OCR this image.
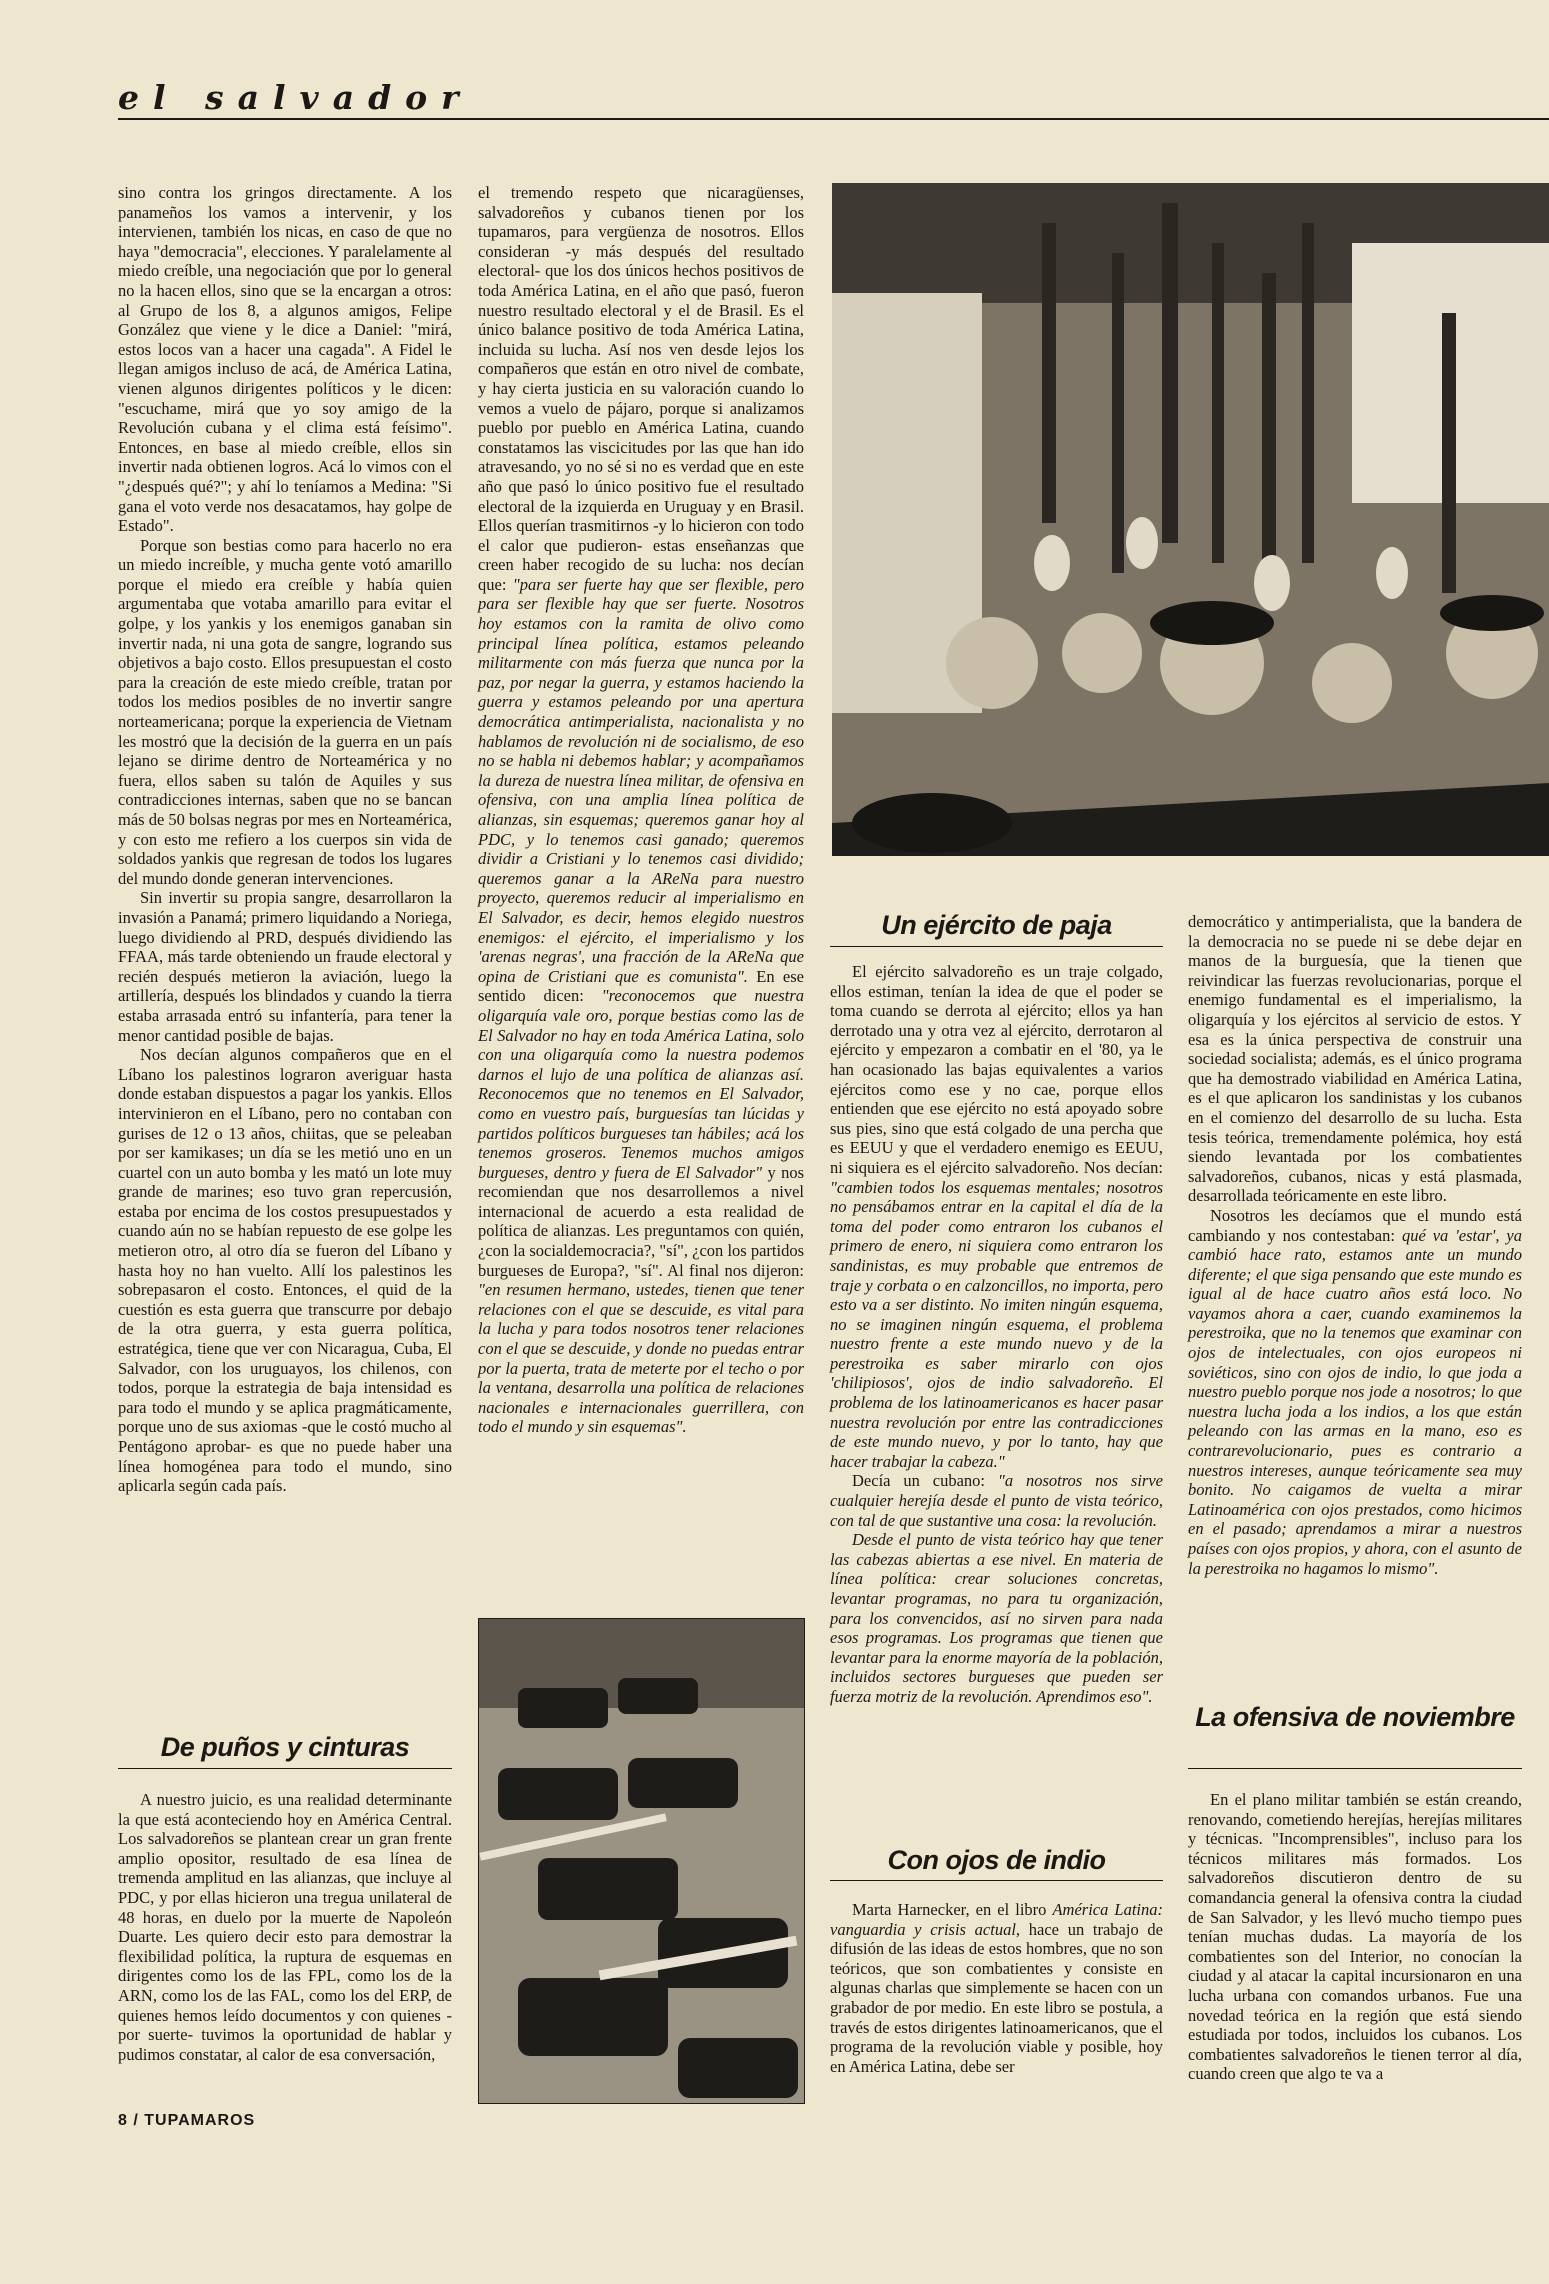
el salvador

sino contra los gringos directamente. A los panameños los vamos a intervenir, y los intervienen, también los nicas, en caso de que no haya "democracia", elecciones. Y paralelamente al miedo creíble, una negociación que por lo general no la hacen ellos, sino que se la encargan a otros: al Grupo de los 8, a algunos amigos, Felipe González que viene y le dice a Daniel: "mirá, estos locos van a hacer una cagada". A Fidel le llegan amigos incluso de acá, de América Latina, vienen algunos dirigentes políticos y le dicen: "escuchame, mirá que yo soy amigo de la Revolución cubana y el clima está feísimo". Entonces, en base al miedo creíble, ellos sin invertir nada obtienen logros. Acá lo vimos con el "¿después qué?"; y ahí lo teníamos a Medina: "Si gana el voto verde nos desacatamos, hay golpe de Estado".

Porque son bestias como para hacerlo no era un miedo increíble, y mucha gente votó amarillo porque el miedo era creíble y había quien argumentaba que votaba amarillo para evitar el golpe, y los yankis y los enemigos ganaban sin invertir nada, ni una gota de sangre, logrando sus objetivos a bajo costo. Ellos presupuestan el costo para la creación de este miedo creíble, tratan por todos los medios posibles de no invertir sangre norteamericana; porque la experiencia de Vietnam les mostró que la decisión de la guerra en un país lejano se dirime dentro de Norteamérica y no fuera, ellos saben su talón de Aquiles y sus contradicciones internas, saben que no se bancan más de 50 bolsas negras por mes en Norteamérica, y con esto me refiero a los cuerpos sin vida de soldados yankis que regresan de todos los lugares del mundo donde generan intervenciones.

Sin invertir su propia sangre, desarrollaron la invasión a Panamá; primero liquidando a Noriega, luego dividiendo al PRD, después dividiendo las FFAA, más tarde obteniendo un fraude electoral y recién después metieron la aviación, luego la artillería, después los blindados y cuando la tierra estaba arrasada entró su infantería, para tener la menor cantidad posible de bajas.

Nos decían algunos compañeros que en el Líbano los palestinos lograron averiguar hasta donde estaban dispuestos a pagar los yankis. Ellos intervinieron en el Líbano, pero no contaban con gurises de 12 o 13 años, chiitas, que se peleaban por ser kamikases; un día se les metió uno en un cuartel con un auto bomba y les mató un lote muy grande de marines; eso tuvo gran repercusión, estaba por encima de los costos presupuestados y cuando aún no se habían repuesto de ese golpe les metieron otro, al otro día se fueron del Líbano y hasta hoy no han vuelto. Allí los palestinos les sobrepasaron el costo. Entonces, el quid de la cuestión es esta guerra que transcurre por debajo de la otra guerra, y esta guerra política, estratégica, tiene que ver con Nicaragua, Cuba, El Salvador, con los uruguayos, los chilenos, con todos, porque la estrategia de baja intensidad es para todo el mundo y se aplica pragmáticamente, porque uno de sus axiomas -que le costó mucho al Pentágono aprobar- es que no puede haber una línea homogénea para todo el mundo, sino aplicarla según cada país.

De puños y cinturas

A nuestro juicio, es una realidad determinante la que está aconteciendo hoy en América Central. Los salvadoreños se plantean crear un gran frente amplio opositor, resultado de esa línea de tremenda amplitud en las alianzas, que incluye al PDC, y por ellas hicieron una tregua unilateral de 48 horas, en duelo por la muerte de Napoleón Duarte. Les quiero decir esto para demostrar la flexibilidad política, la ruptura de esquemas en dirigentes como los de las FPL, como los de la ARN, como los de las FAL, como los del ERP, de quienes hemos leído documentos y con quienes -por suerte- tuvimos la oportunidad de hablar y pudimos constatar, al calor de esa conversación,

el tremendo respeto que nicaragüenses, salvadoreños y cubanos tienen por los tupamaros, para vergüenza de nosotros. Ellos consideran -y más después del resultado electoral- que los dos únicos hechos positivos de toda América Latina, en el año que pasó, fueron nuestro resultado electoral y el de Brasil. Es el único balance positivo de toda América Latina, incluida su lucha. Así nos ven desde lejos los compañeros que están en otro nivel de combate, y hay cierta justicia en su valoración cuando lo vemos a vuelo de pájaro, porque si analizamos pueblo por pueblo en América Latina, cuando constatamos las viscicitudes por las que han ido atravesando, yo no sé si no es verdad que en este año que pasó lo único positivo fue el resultado electoral de la izquierda en Uruguay y en Brasil. Ellos querían trasmitirnos -y lo hicieron con todo el calor que pudieron- estas enseñanzas que creen haber recogido de su lucha: nos decían que: "para ser fuerte hay que ser flexible, pero para ser flexible hay que ser fuerte. Nosotros hoy estamos con la ramita de olivo como principal línea política, estamos peleando militarmente con más fuerza que nunca por la paz, por negar la guerra, y estamos haciendo la guerra y estamos peleando por una apertura democrática antimperialista, nacionalista y no hablamos de revolución ni de socialismo, de eso no se habla ni debemos hablar; y acompañamos la dureza de nuestra línea militar, de ofensiva en ofensiva, con una amplia línea política de alianzas, sin esquemas; queremos ganar hoy al PDC, y lo tenemos casi ganado; queremos dividir a Cristiani y lo tenemos casi dividido; queremos ganar a la AReNa para nuestro proyecto, queremos reducir al imperialismo en El Salvador, es decir, hemos elegido nuestros enemigos: el ejército, el imperialismo y los 'arenas negras', una fracción de la AReNa que opina de Cristiani que es comunista". En ese sentido dicen: "reconocemos que nuestra oligarquía vale oro, porque bestias como las de El Salvador no hay en toda América Latina, solo con una oligarquía como la nuestra podemos darnos el lujo de una política de alianzas así. Reconocemos que no tenemos en El Salvador, como en vuestro país, burguesías tan lúcidas y partidos políticos burgueses tan hábiles; acá los tenemos groseros. Tenemos muchos amigos burgueses, dentro y fuera de El Salvador" y nos recomiendan que nos desarrollemos a nivel internacional de acuerdo a esta realidad de política de alianzas. Les preguntamos con quién, ¿con la socialdemocracia?, "sí", ¿con los partidos burgueses de Europa?, "sí". Al final nos dijeron: "en resumen hermano, ustedes, tienen que tener relaciones con el que se descuide, es vital para la lucha y para todos nosotros tener relaciones con el que se descuide, y donde no puedas entrar por la puerta, trata de meterte por el techo o por la ventana, desarrolla una política de relaciones nacionales e internacionales guerrillera, con todo el mundo y sin esquemas".

Un ejército de paja

El ejército salvadoreño es un traje colgado, ellos estiman, tenían la idea de que el poder se toma cuando se derrota al ejército; ellos ya han derrotado una y otra vez al ejército, derrotaron al ejército y empezaron a combatir en el '80, ya le han ocasionado las bajas equivalentes a varios ejércitos como ese y no cae, porque ellos entienden que ese ejército no está apoyado sobre sus pies, sino que está colgado de una percha que es EEUU y que el verdadero enemigo es EEUU, ni siquiera es el ejército salvadoreño. Nos decían: "cambien todos los esquemas mentales; nosotros no pensábamos entrar en la capital el día de la toma del poder como entraron los cubanos el primero de enero, ni siquiera como entraron los sandinistas, es muy probable que entremos de traje y corbata o en calzoncillos, no importa, pero esto va a ser distinto. No imiten ningún esquema, no se imaginen ningún esquema, el problema nuestro frente a este mundo nuevo y de la perestroika es saber mirarlo con ojos 'chilipiosos', ojos de indio salvadoreño. El problema de los latinoamericanos es hacer pasar nuestra revolución por entre las contradicciones de este mundo nuevo, y por lo tanto, hay que hacer trabajar la cabeza."

Decía un cubano: "a nosotros nos sirve cualquier herejía desde el punto de vista teórico, con tal de que sustantive una cosa: la revolución.

Desde el punto de vista teórico hay que tener las cabezas abiertas a ese nivel. En materia de línea política: crear soluciones concretas, levantar programas, no para tu organización, para los convencidos, así no sirven para nada esos programas. Los programas que tienen que levantar para la enorme mayoría de la población, incluidos sectores burgueses que pueden ser fuerza motriz de la revolución. Aprendimos eso".

Con ojos de indio

Marta Harnecker, en el libro América Latina: vanguardia y crisis actual, hace un trabajo de difusión de las ideas de estos hombres, que no son teóricos, que son combatientes y consiste en algunas charlas que simplemente se hacen con un grabador de por medio. En este libro se postula, a través de estos dirigentes latinoamericanos, que el programa de la revolución viable y posible, hoy en América Latina, debe ser

democrático y antimperialista, que la bandera de la democracia no se puede ni se debe dejar en manos de la burguesía, que la tienen que reivindicar las fuerzas revolucionarias, porque el enemigo fundamental es el imperialismo, la oligarquía y los ejércitos al servicio de estos. Y esa es la única perspectiva de construir una sociedad socialista; además, es el único programa que ha demostrado viabilidad en América Latina, es el que aplicaron los sandinistas y los cubanos en el comienzo del desarrollo de su lucha. Esta tesis teórica, tremendamente polémica, hoy está siendo levantada por los combatientes salvadoreños, cubanos, nicas y está plasmada, desarrollada teóricamente en este libro.

Nosotros les decíamos que el mundo está cambiando y nos contestaban: qué va 'estar', ya cambió hace rato, estamos ante un mundo diferente; el que siga pensando que este mundo es igual al de hace cuatro años está loco. No vayamos ahora a caer, cuando examinemos la perestroika, que no la tenemos que examinar con ojos de intelectuales, con ojos europeos ni soviéticos, sino con ojos de indio, lo que joda a nuestro pueblo porque nos jode a nosotros; lo que nuestra lucha joda a los indios, a los que están peleando con las armas en la mano, eso es contrarevolucionario, pues es contrario a nuestros intereses, aunque teóricamente sea muy bonito. No caigamos de vuelta a mirar Latinoamérica con ojos prestados, como hicimos en el pasado; aprendamos a mirar a nuestros países con ojos propios, y ahora, con el asunto de la perestroika no hagamos lo mismo".

La ofensiva de noviembre

En el plano militar también se están creando, renovando, cometiendo herejías, herejías militares y técnicas. "Incomprensibles", incluso para los técnicos militares más formados. Los salvadoreños discutieron dentro de su comandancia general la ofensiva contra la ciudad de San Salvador, y les llevó mucho tiempo pues tenían muchas dudas. La mayoría de los combatientes son del Interior, no conocían la ciudad y al atacar la capital incursionaron en una lucha urbana con comandos urbanos. Fue una novedad teórica en la región que está siendo estudiada por todos, incluidos los cubanos. Los combatientes salvadoreños le tienen terror al día, cuando creen que algo te va a

8 / TUPAMAROS
